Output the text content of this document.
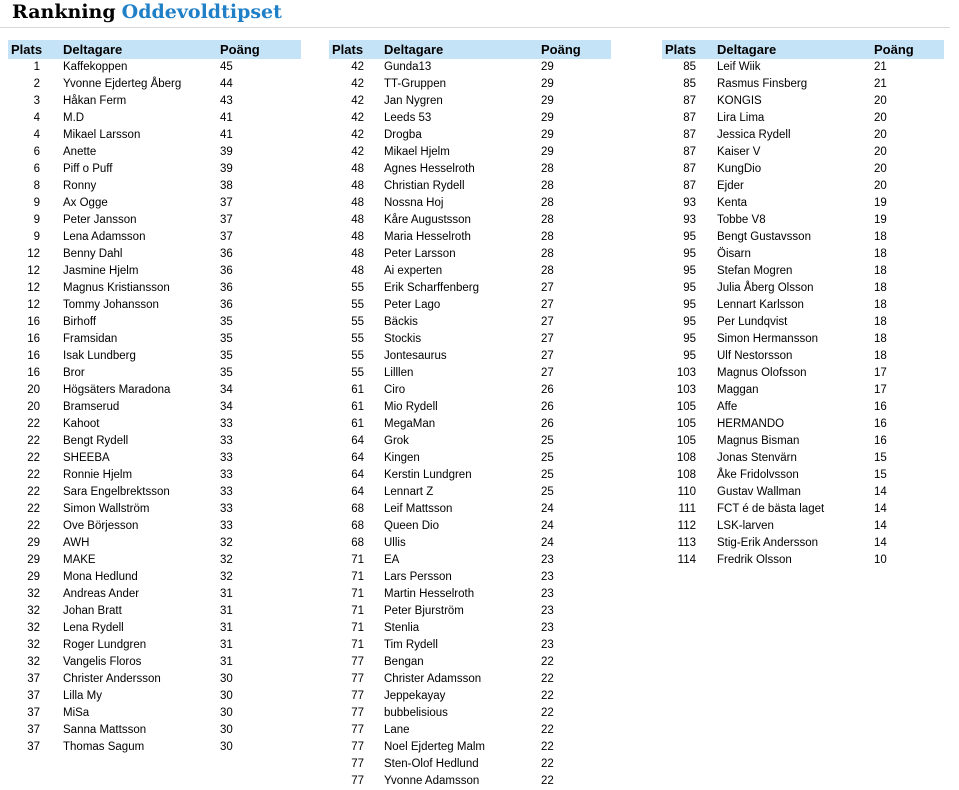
Rankning Oddevoldtipset
Plats Deltagare	Poäng
1 Kaffekoppen	45
2 Yvonne Ejderteg Åberg	44
3 Håkan Ferm	43
4 M.D	41
4 Mikael Larsson	41
6 Anette	39
6 Piff o Puff	39
8 Ronny	38
9 Ax Ogge	37
9 Peter Jansson	37
9 Lena Adamsson	37
12 Benny Dahl	36
12 Jasmine Hjelm	36
12 Magnus Kristiansson	36
12 Tommy Johansson	36
16 Birhoff	35
16 Framsidan	35
16 Isak Lundberg	35
16 Bror	35
20 Högsäters Maradona	34
20 Bramserud	34
22 Kahoot	33
22 Bengt Rydell	33
22 SHEEBA	33
22 Ronnie Hjelm	33
22 Sara Engelbrektsson	33
22 Simon Wallström	33
22 Ove Börjesson	33
29 AWH	32
29 MAKE	32
29 Mona Hedlund	32
32 Andreas Ander	31
32 Johan Bratt	31
32 Lena Rydell	31
32 Roger Lundgren	31
32 Vangelis Floros	31
37 Christer Andersson	30
37 Lilla My	30
37 MiSa	30
37 Sanna Mattsson	30
37 Thomas Sagum	30
Plats Deltagare	Poäng
42 Gunda13	29
42 TT-Gruppen	29
42 Jan Nygren	29
42 Leeds 53	29
42 Drogba	29
42 Mikael Hjelm	29
48 Agnes Hesselroth	28
48 Christian Rydell	28
48 Nossna Hoj	28
48 Kåre Augustsson	28
48 Maria Hesselroth	28
48 Peter Larsson	28
48 Ai experten	28
55 Erik Scharffenberg	27
55 Peter Lago	27
55 Bäckis	27
55 Stockis	27
55 Jontesaurus	27
55 Lilllen	27
61 Ciro	26
61 Mio Rydell	26
61 MegaMan	26
64 Grok	25
64 Kingen	25
64 Kerstin Lundgren	25
64 Lennart Z	25
68 Leif Mattsson	24
68 Queen Dio	24
68 Ullis	24
71 EA	23
71 Lars Persson	23
71 Martin Hesselroth	23
71 Peter Bjurström	23
71 Stenlia	23
71 Tim Rydell	23
77 Bengan	22
77 Christer Adamsson	22
77 Jeppekayay	22
77 bubbelisious	22
77 Lane	22
77 Noel Ejderteg Malm	22
77 Sten-Olof Hedlund	22
77 Yvonne Adamsson	22
Plats Deltagare	Poäng
85 Leif Wiik	21
85 Rasmus Finsberg	21
87 KONGIS	20
87 Lira Lima	20
87 Jessica Rydell	20
87 Kaiser V	20
87 KungDio	20
87 Ejder	20
93 Kenta	19
93 Tobbe V8	19
95 Bengt Gustavsson	18
95 Öisarn	18
95 Stefan Mogren	18
95 Julia Åberg Olsson	18
95 Lennart Karlsson	18
95 Per Lundqvist	18
95 Simon Hermansson	18
95 Ulf Nestorsson	18
103 Magnus Olofsson	17
103 Maggan	17
105 Affe	16
105 HERMANDO	16
105 Magnus Bisman	16
108 Jonas Stenvärn	15
108 Åke Fridolvsson	15
110 Gustav Wallman	14
111 FCT é de bästa laget	14
112 LSK-larven	14
113 Stig-Erik Andersson	14
114 Fredrik Olsson	10
